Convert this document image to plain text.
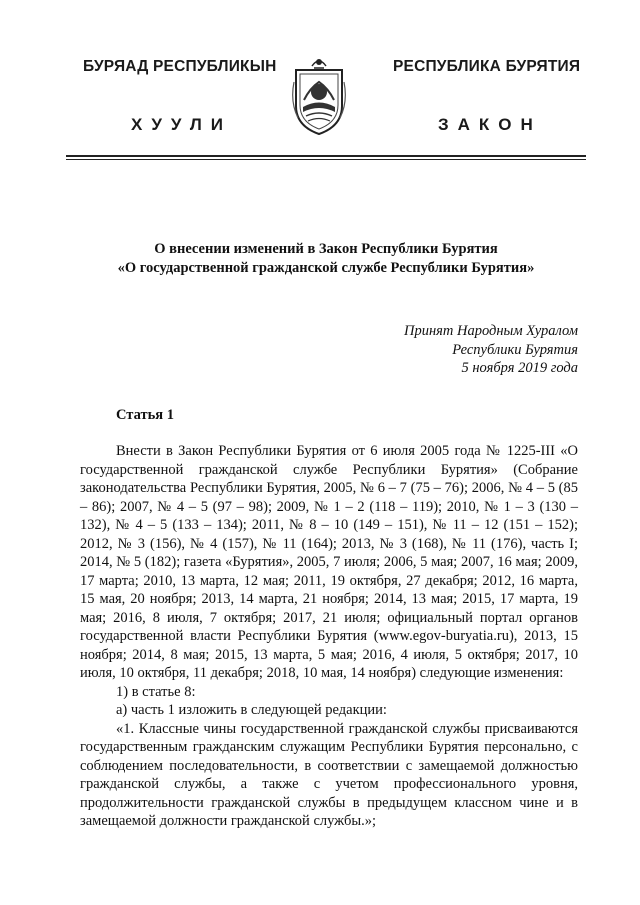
БУРЯАД РЕСПУБЛИКЫН	РЕСПУБЛИКА БУРЯТИЯ
ХУУЛИ	ЗАКОН
О внесении изменений в Закон Республики Бурятия
«О государственной гражданской службе Республики Бурятия»
Принят Народным Хуралом
Республики Бурятия
5 ноября 2019 года
Статья 1

Внести в Закон Республики Бурятия от 6 июля 2005 года № 1225-III «О государственной гражданской службе Республики Бурятия» (Собрание законодательства Республики Бурятия, 2005, № 6 – 7 (75 – 76); 2006, № 4 – 5 (85 – 86); 2007, № 4 – 5 (97 – 98); 2009, № 1 – 2 (118 – 119); 2010, № 1 – 3 (130 – 132), № 4 – 5 (133 – 134); 2011, № 8 – 10 (149 – 151), № 11 – 12 (151 – 152); 2012, № 3 (156), № 4 (157), № 11 (164); 2013, № 3 (168), № 11 (176), часть I; 2014, № 5 (182); газета «Бурятия», 2005, 7 июля; 2006, 5 мая; 2007, 16 мая; 2009, 17 марта; 2010, 13 марта, 12 мая; 2011, 19 октября, 27 декабря; 2012, 16 марта, 15 мая, 20 ноября; 2013, 14 марта, 21 ноября; 2014, 13 мая; 2015, 17 марта, 19 мая; 2016, 8 июля, 7 октября; 2017, 21 июля; официальный портал органов государственной власти Республики Бурятия (www.egov-buryatia.ru), 2013, 15 ноября; 2014, 8 мая; 2015, 13 марта, 5 мая; 2016, 4 июля, 5 октября; 2017, 10 июля, 10 октября, 11 декабря; 2018, 10 мая, 14 ноября) следующие изменения:

1) в статье 8:

а) часть 1 изложить в следующей редакции:

«1. Классные чины государственной гражданской службы присваиваются государственным гражданским служащим Республики Бурятия персонально, с соблюдением последовательности, в соответствии с замещаемой должностью гражданской службы, а также с учетом профессионального уровня, продолжительности гражданской службы в предыдущем классном чине и в замещаемой должности гражданской службы.»;
